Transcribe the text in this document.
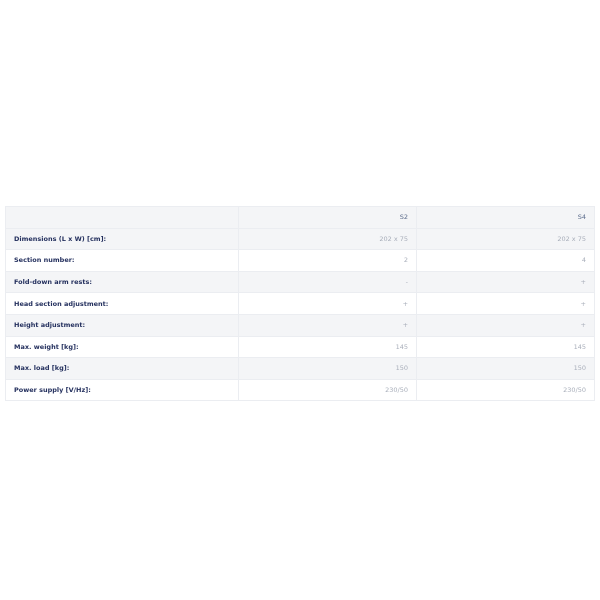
	S2	S4
Dimensions (L x W) [cm]:	202 x 75	202 x 75
Section number:	2	4
Fold-down arm rests:	-	+
Head section adjustment:	+	+
Height adjustment:	+	+
Max. weight [kg]:	145	145
Max. load [kg]:	150	150
Power supply [V/Hz]:	230/50	230/50
